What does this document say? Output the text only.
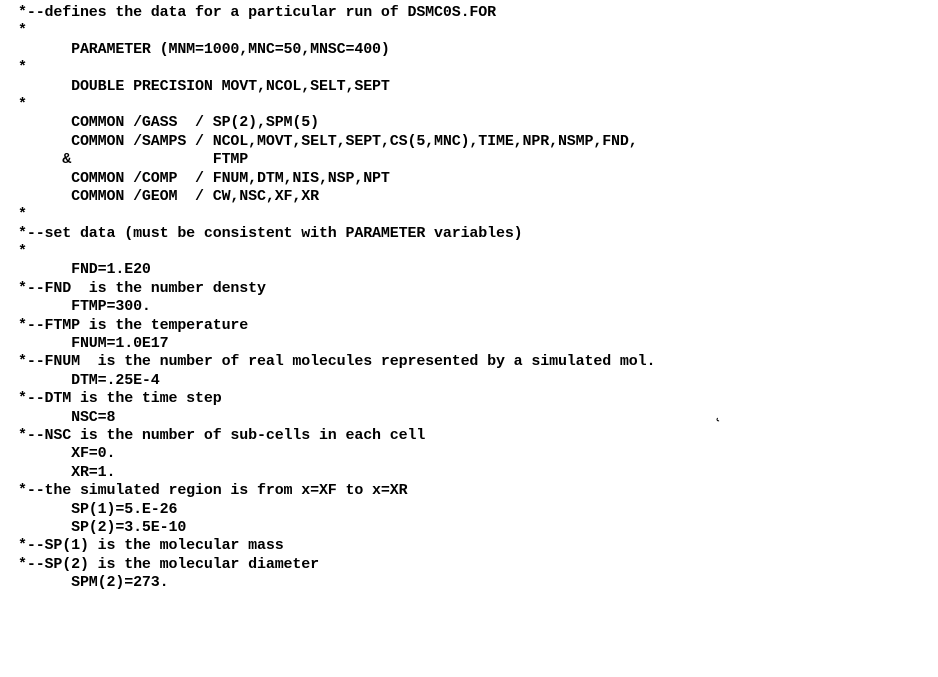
*--defines the data for a particular run of DSMC0S.FOR
*
PARAMETER (MNM=1000,MNC=50,MNSC=400)
*
DOUBLE PRECISION MOVT,NCOL,SELT,SEPT
*
COMMON /GASS  / SP(2),SPM(5)
COMMON /SAMPS / NCOL,MOVT,SELT,SEPT,CS(5,MNC),TIME,NPR,NSMP,FND,
&                FTMP
COMMON /COMP  / FNUM,DTM,NIS,NSP,NPT
COMMON /GEOM  / CW,NSC,XF,XR
*
*--set data (must be consistent with PARAMETER variables)
*
FND=1.E20
*--FND  is the number densty
FTMP=300.
*--FTMP is the temperature
FNUM=1.0E17
*--FNUM  is the number of real molecules represented by a simulated mol.
DTM=.25E-4
*--DTM is the time step
NSC=8
*--NSC is the number of sub-cells in each cell
XF=0.
XR=1.
*--the simulated region is from x=XF to x=XR
SP(1)=5.E-26
SP(2)=3.5E-10
*--SP(1) is the molecular mass
*--SP(2) is the molecular diameter
SPM(2)=273.
ʿ
